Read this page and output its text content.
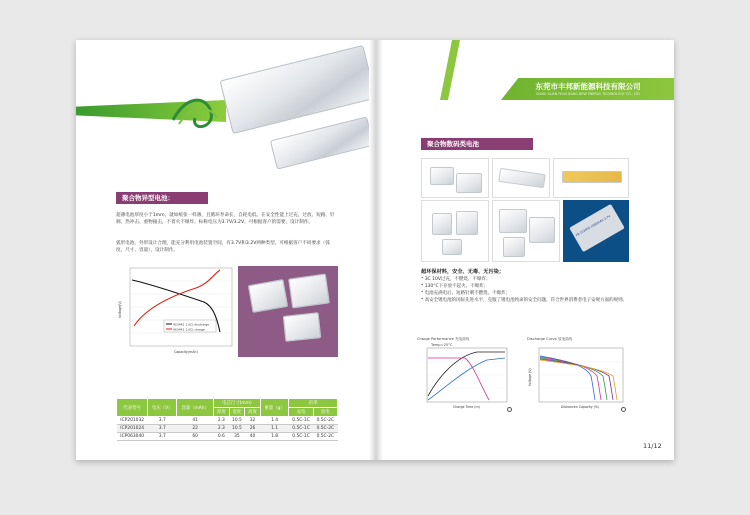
聚合物异型电池：
超薄电池厚度小于1mm，就如纸张一样薄，且循环寿命长，自耗电低。在安全性能上过充、过放、短路、针刺、热冲击、重物撞击，不着火不爆炸。标称电压为3.7V/3.2V。可根据客户的需要，设计制作。
弧形电池，外形设计合理，能充分利用电池装置空间，有3.7V和3.2V两种类型。可根据客户不同要求（弧度、尺寸、容量），设计制作。
403441 1.0C) discharge
403441 1.0C) charge
Capacity(mAh)
Voltage(V)
代表型号	电压（V）	容量（mAh）	电芯尺寸(mm)			重量（g）	倍率	
			厚度	宽度	高度		充电	放电
ICP201032	3.7	41	2.3	10.5	32	1.4	0.5C-1C	0.5C-2C
ICP201024	3.7	22	2.3	10.5	26	1.1	0.5C-1C	0.5C-2C
ICP063040	3.7	60	0.6	35	40	1.8	0.5C-1C	0.5C-2C
东莞市丰邦新能源科技有限公司
DONG GUAN FENG BANG NEW ENERGY TECHNOLOGY CO., LTD
聚合物数码类电池
FB 103450 1800mAh 3.7V
超环保材料，安全、无毒、无污染；
* 3C 10V过充，不燃烧、不爆炸；
* 130°C下存放不起火、不爆炸；
* 电池充满电后、短路针刺不燃烧、不爆炸；
* 高安全锂电池的国际先进水平，克服了锂电池致命的安全问题，符合世界消费者电子安规方面的规则。
Charge Performance 充电曲线
Temp=25°C
Charge Time (m)
Discharge Curve 放电曲线
Voltage (V)
Dishancen Capacity (%)
11/12
